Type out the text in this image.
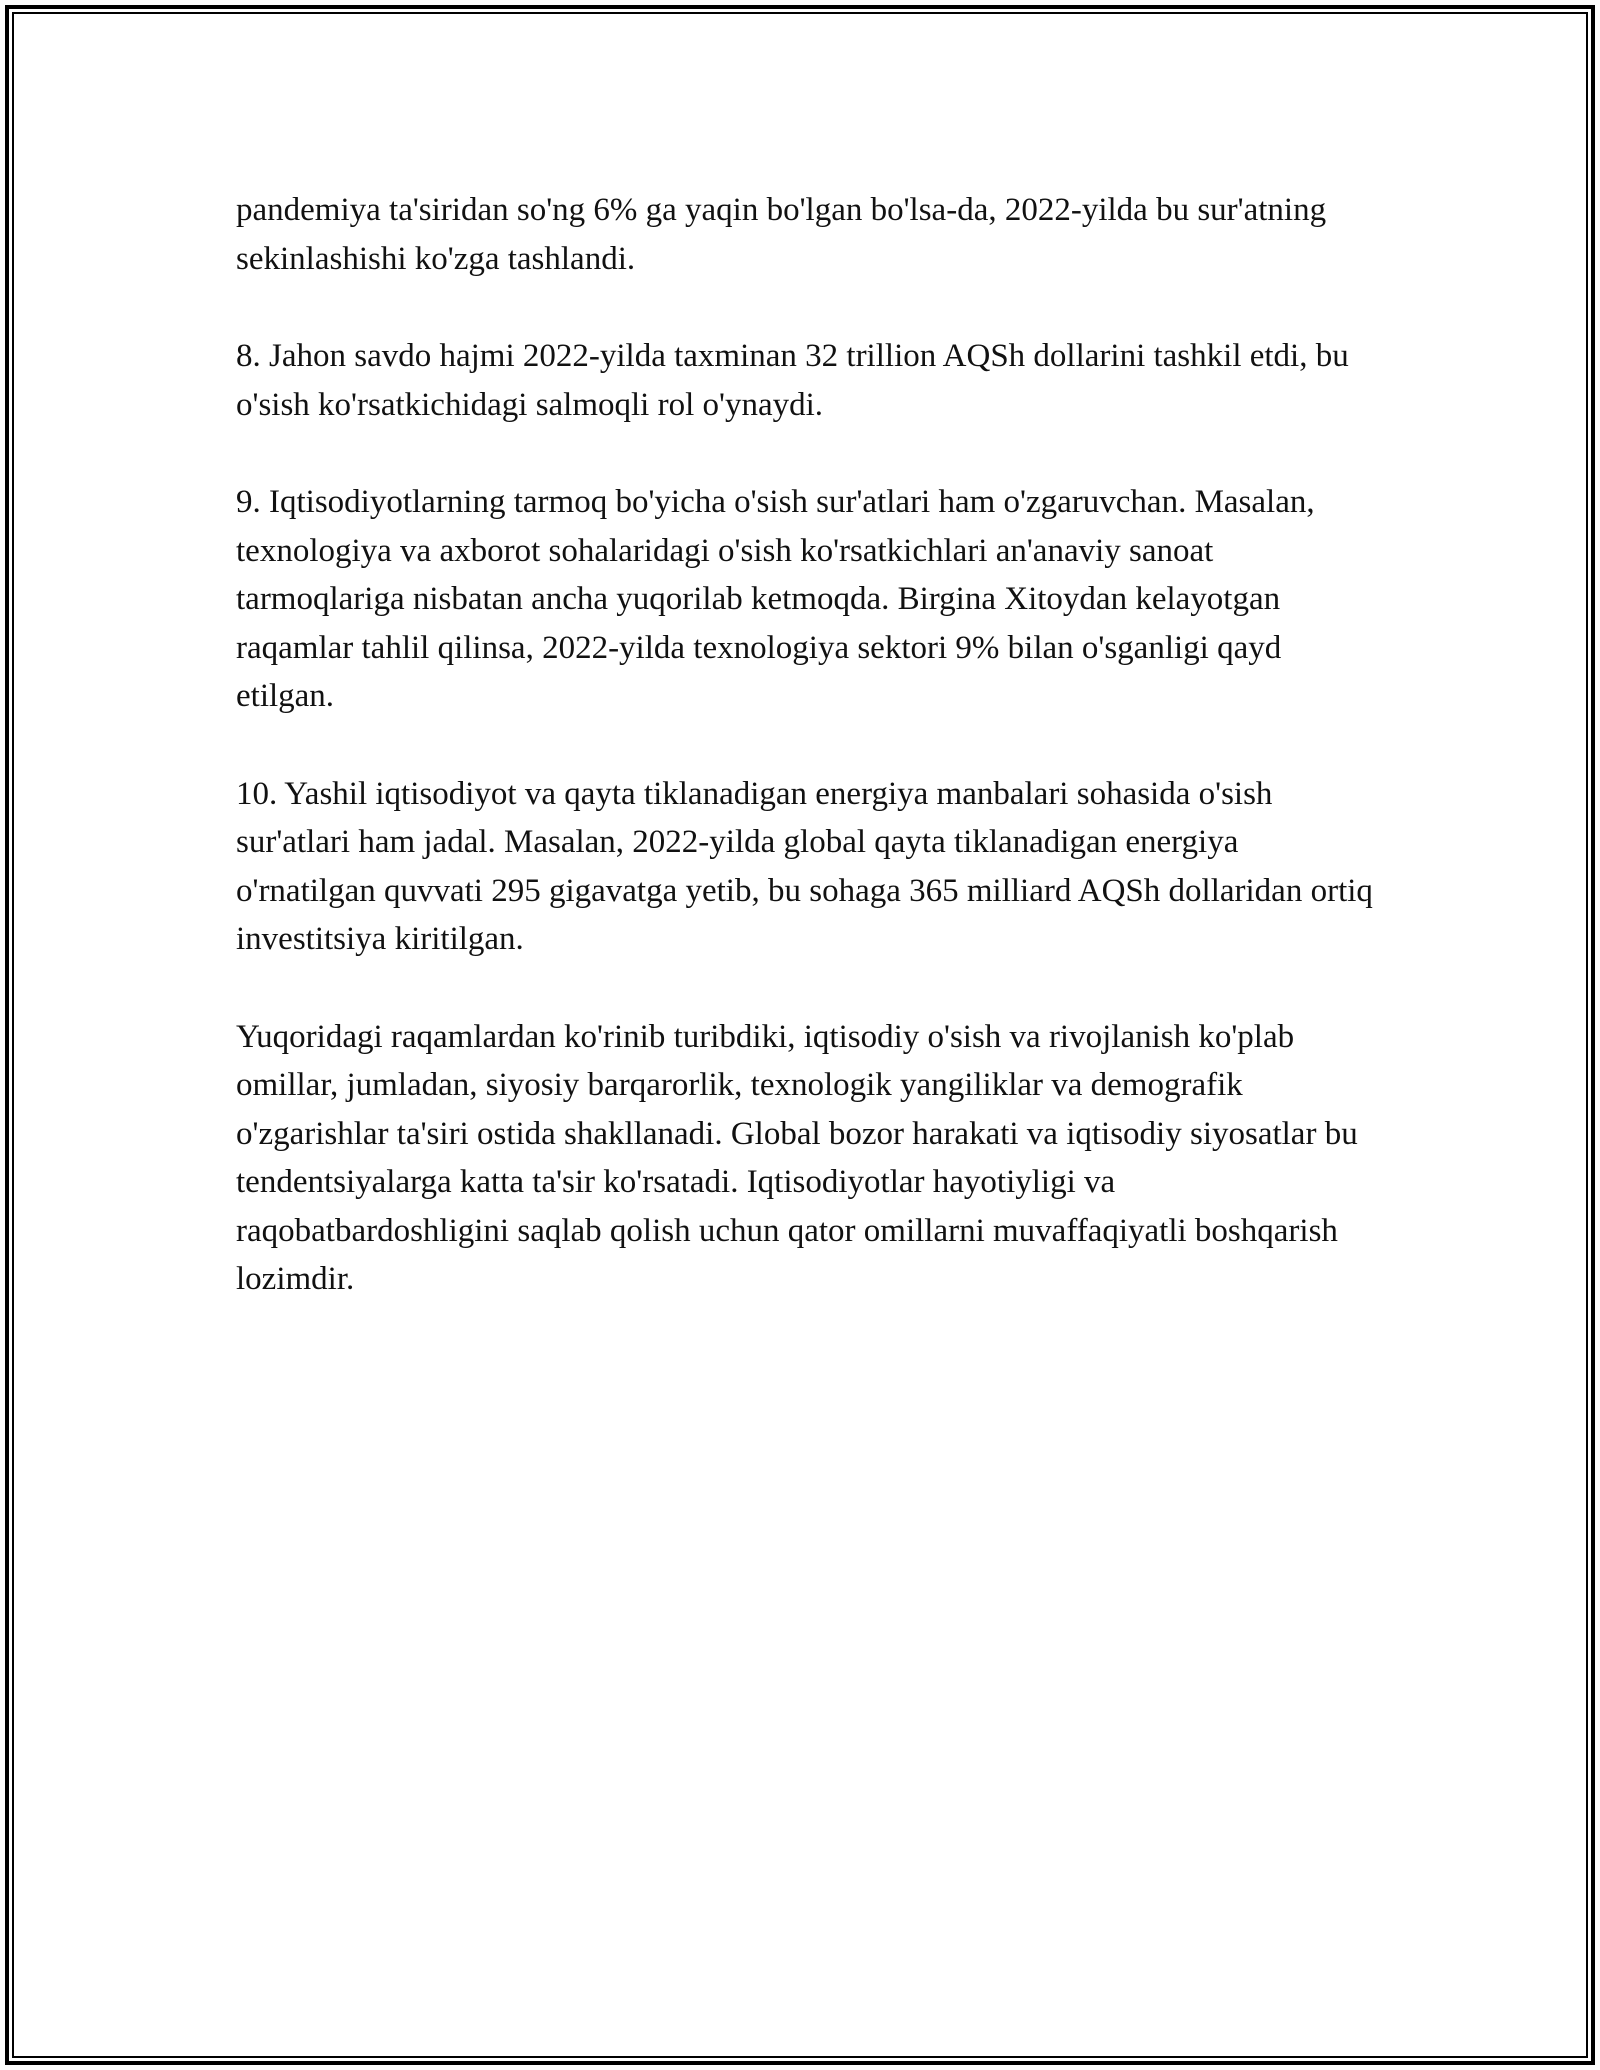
pandemiya ta'siridan so'ng 6% ga yaqin bo'lgan bo'lsa-da, 2022-yilda bu sur'atning sekinlashishi ko'zga tashlandi.

8. Jahon savdo hajmi 2022-yilda taxminan 32 trillion AQSh dollarini tashkil etdi, bu o'sish ko'rsatkichidagi salmoqli rol o'ynaydi.

9. Iqtisodiyotlarning tarmoq bo'yicha o'sish sur'atlari ham o'zgaruvchan. Masalan, texnologiya va axborot sohalaridagi o'sish ko'rsatkichlari an'anaviy sanoat tarmoqlariga nisbatan ancha yuqorilab ketmoqda. Birgina Xitoydan kelayotgan raqamlar tahlil qilinsa, 2022-yilda texnologiya sektori 9% bilan o'sganligi qayd etilgan.

10. Yashil iqtisodiyot va qayta tiklanadigan energiya manbalari sohasida o'sish sur'atlari ham jadal. Masalan, 2022-yilda global qayta tiklanadigan energiya o'rnatilgan quvvati 295 gigavatga yetib, bu sohaga 365 milliard AQSh dollaridan ortiq investitsiya kiritilgan.

Yuqoridagi raqamlardan ko'rinib turibdiki, iqtisodiy o'sish va rivojlanish ko'plab omillar, jumladan, siyosiy barqarorlik, texnologik yangiliklar va demografik o'zgarishlar ta'siri ostida shakllanadi. Global bozor harakati va iqtisodiy siyosatlar bu tendentsiyalarga katta ta'sir ko'rsatadi. Iqtisodiyotlar hayotiyligi va raqobatbardoshligini saqlab qolish uchun qator omillarni muvaffaqiyatli boshqarish lozimdir.
